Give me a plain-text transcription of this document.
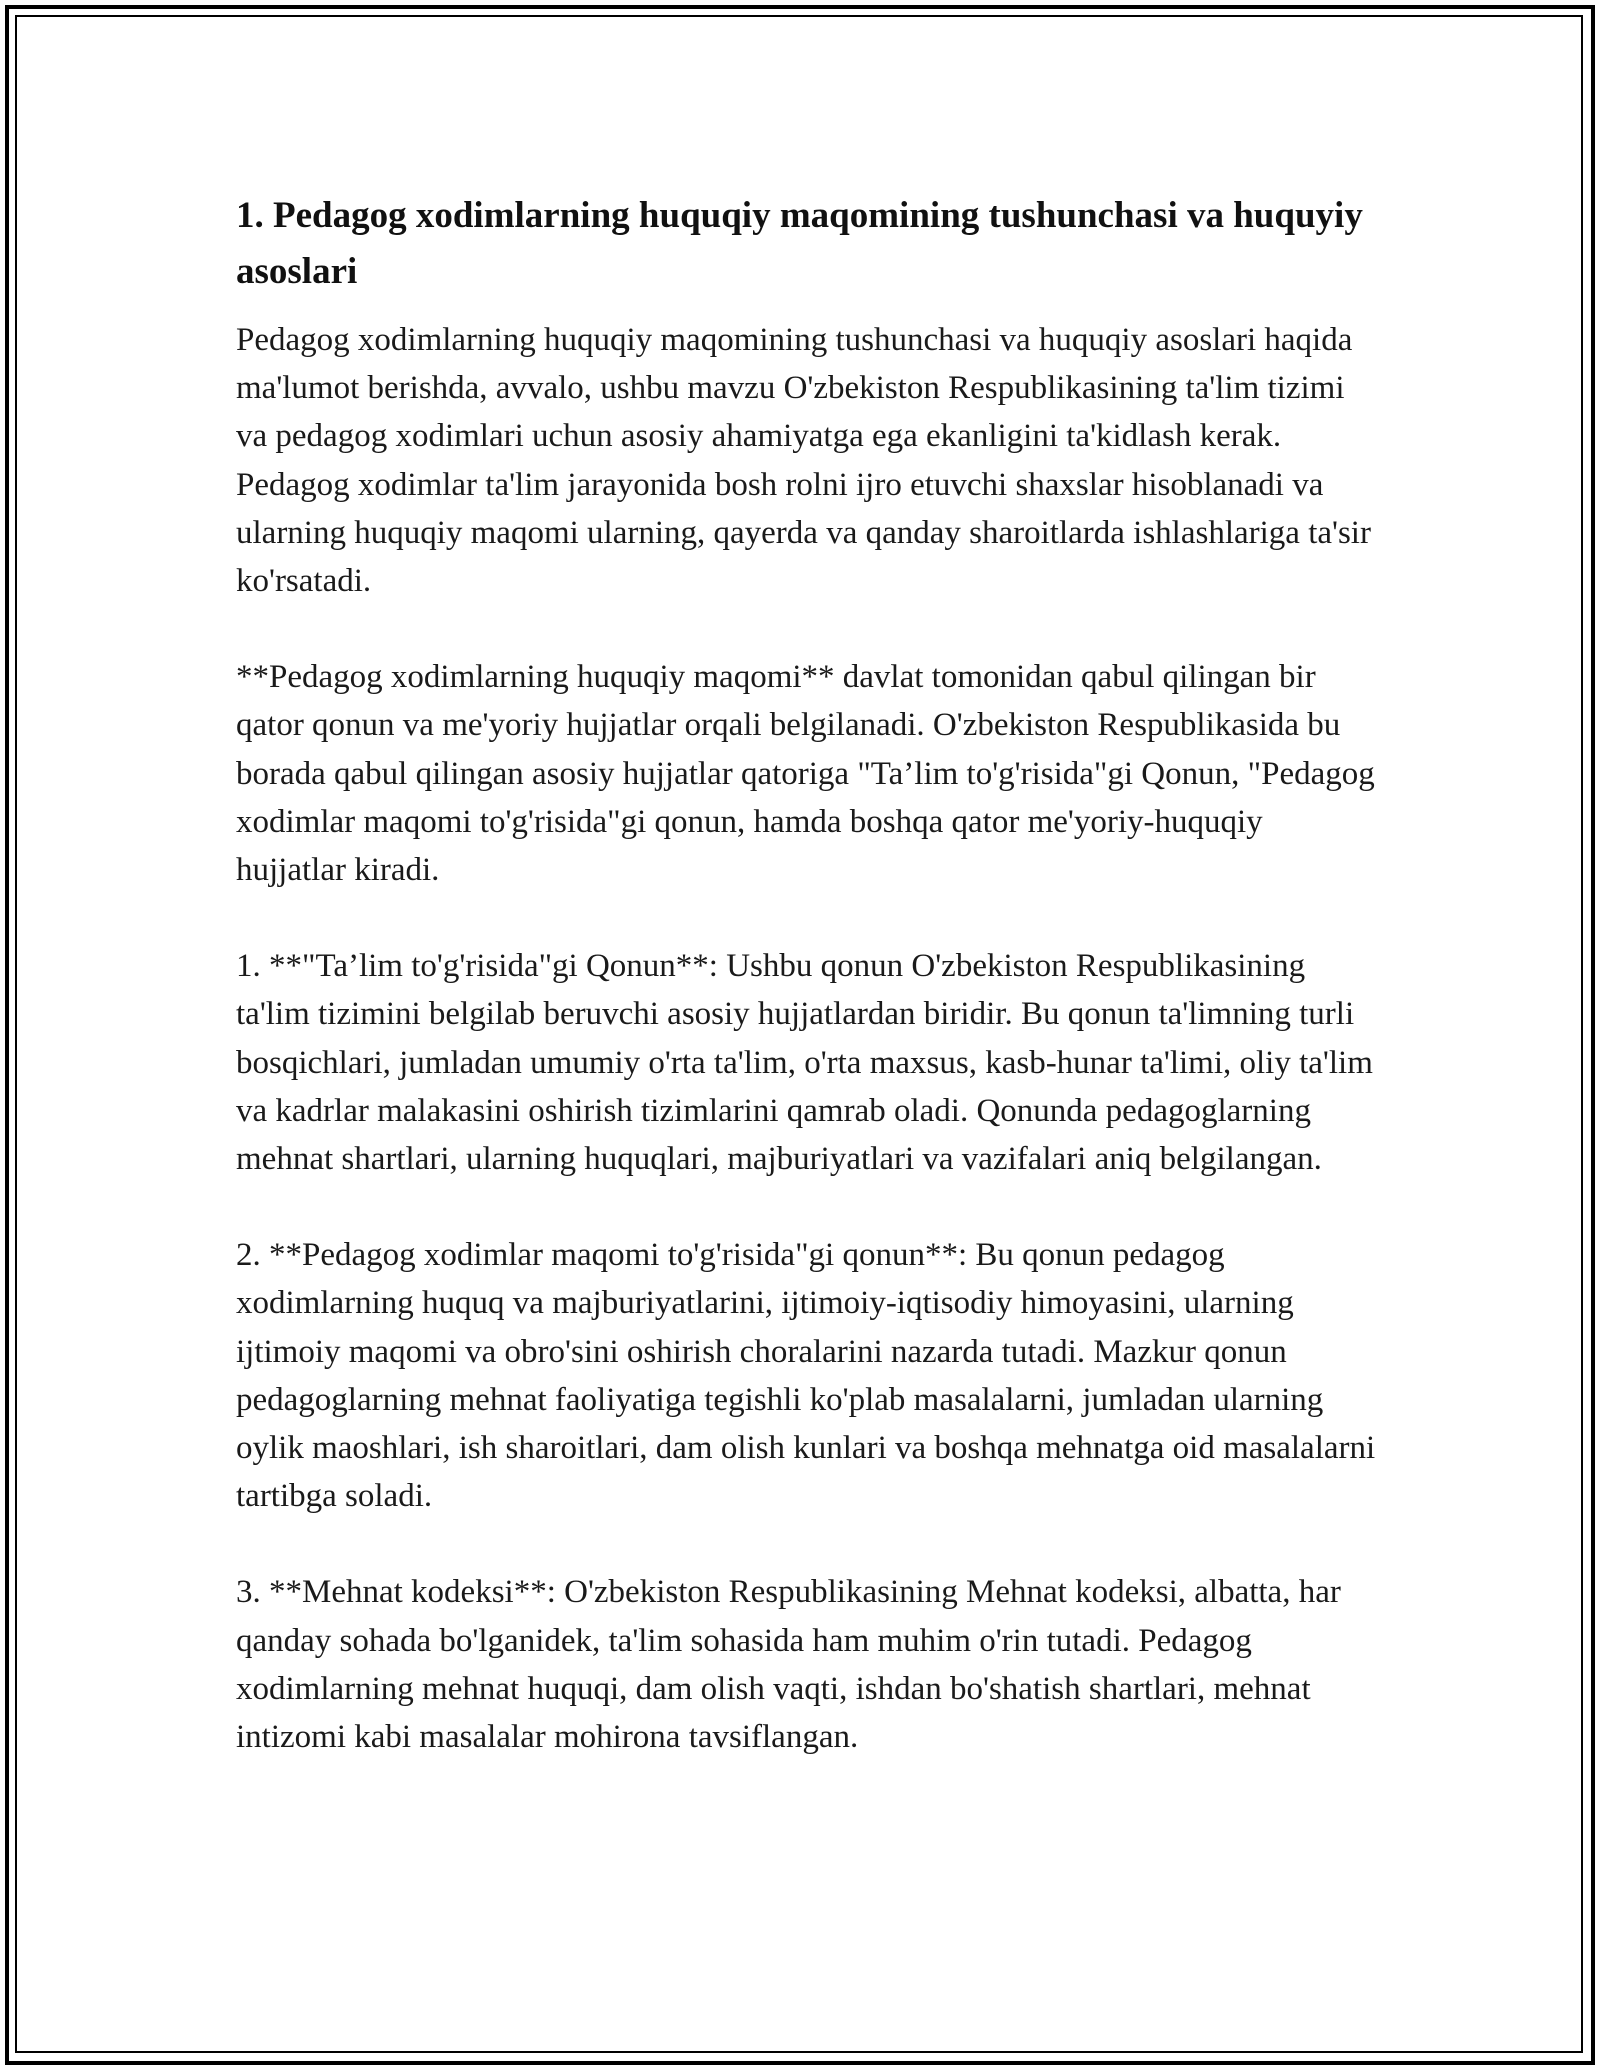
1. Pedagog xodimlarning huquqiy maqomining tushunchasi va huquyiy asoslari

Pedagog xodimlarning huquqiy maqomining tushunchasi va huquqiy asoslari haqida ma'lumot berishda, avvalo, ushbu mavzu O'zbekiston Respublikasining ta'lim tizimi va pedagog xodimlari uchun asosiy ahamiyatga ega ekanligini ta'kidlash kerak. Pedagog xodimlar ta'lim jarayonida bosh rolni ijro etuvchi shaxslar hisoblanadi va ularning huquqiy maqomi ularning, qayerda va qanday sharoitlarda ishlashlariga ta'sir ko'rsatadi.

**Pedagog xodimlarning huquqiy maqomi** davlat tomonidan qabul qilingan bir qator qonun va me'yoriy hujjatlar orqali belgilanadi. O'zbekiston Respublikasida bu borada qabul qilingan asosiy hujjatlar qatoriga "Ta’lim to'g'risida"gi Qonun, "Pedagog xodimlar maqomi to'g'risida"gi qonun, hamda boshqa qator me'yoriy-huquqiy hujjatlar kiradi.

1. **"Ta’lim to'g'risida"gi Qonun**: Ushbu qonun O'zbekiston Respublikasining ta'lim tizimini belgilab beruvchi asosiy hujjatlardan biridir. Bu qonun ta'limning turli bosqichlari, jumladan umumiy o'rta ta'lim, o'rta maxsus, kasb-hunar ta'limi, oliy ta'lim va kadrlar malakasini oshirish tizimlarini qamrab oladi. Qonunda pedagoglarning mehnat shartlari, ularning huquqlari, majburiyatlari va vazifalari aniq belgilangan.

2. **Pedagog xodimlar maqomi to'g'risida"gi qonun**: Bu qonun pedagog xodimlarning huquq va majburiyatlarini, ijtimoiy-iqtisodiy himoyasini, ularning ijtimoiy maqomi va obro'sini oshirish choralarini nazarda tutadi. Mazkur qonun pedagoglarning mehnat faoliyatiga tegishli ko'plab masalalarni, jumladan ularning oylik maoshlari, ish sharoitlari, dam olish kunlari va boshqa mehnatga oid masalalarni tartibga soladi.

3. **Mehnat kodeksi**: O'zbekiston Respublikasining Mehnat kodeksi, albatta, har qanday sohada bo'lganidek, ta'lim sohasida ham muhim o'rin tutadi. Pedagog xodimlarning mehnat huquqi, dam olish vaqti, ishdan bo'shatish shartlari, mehnat intizomi kabi masalalar mohirona tavsiflangan.
